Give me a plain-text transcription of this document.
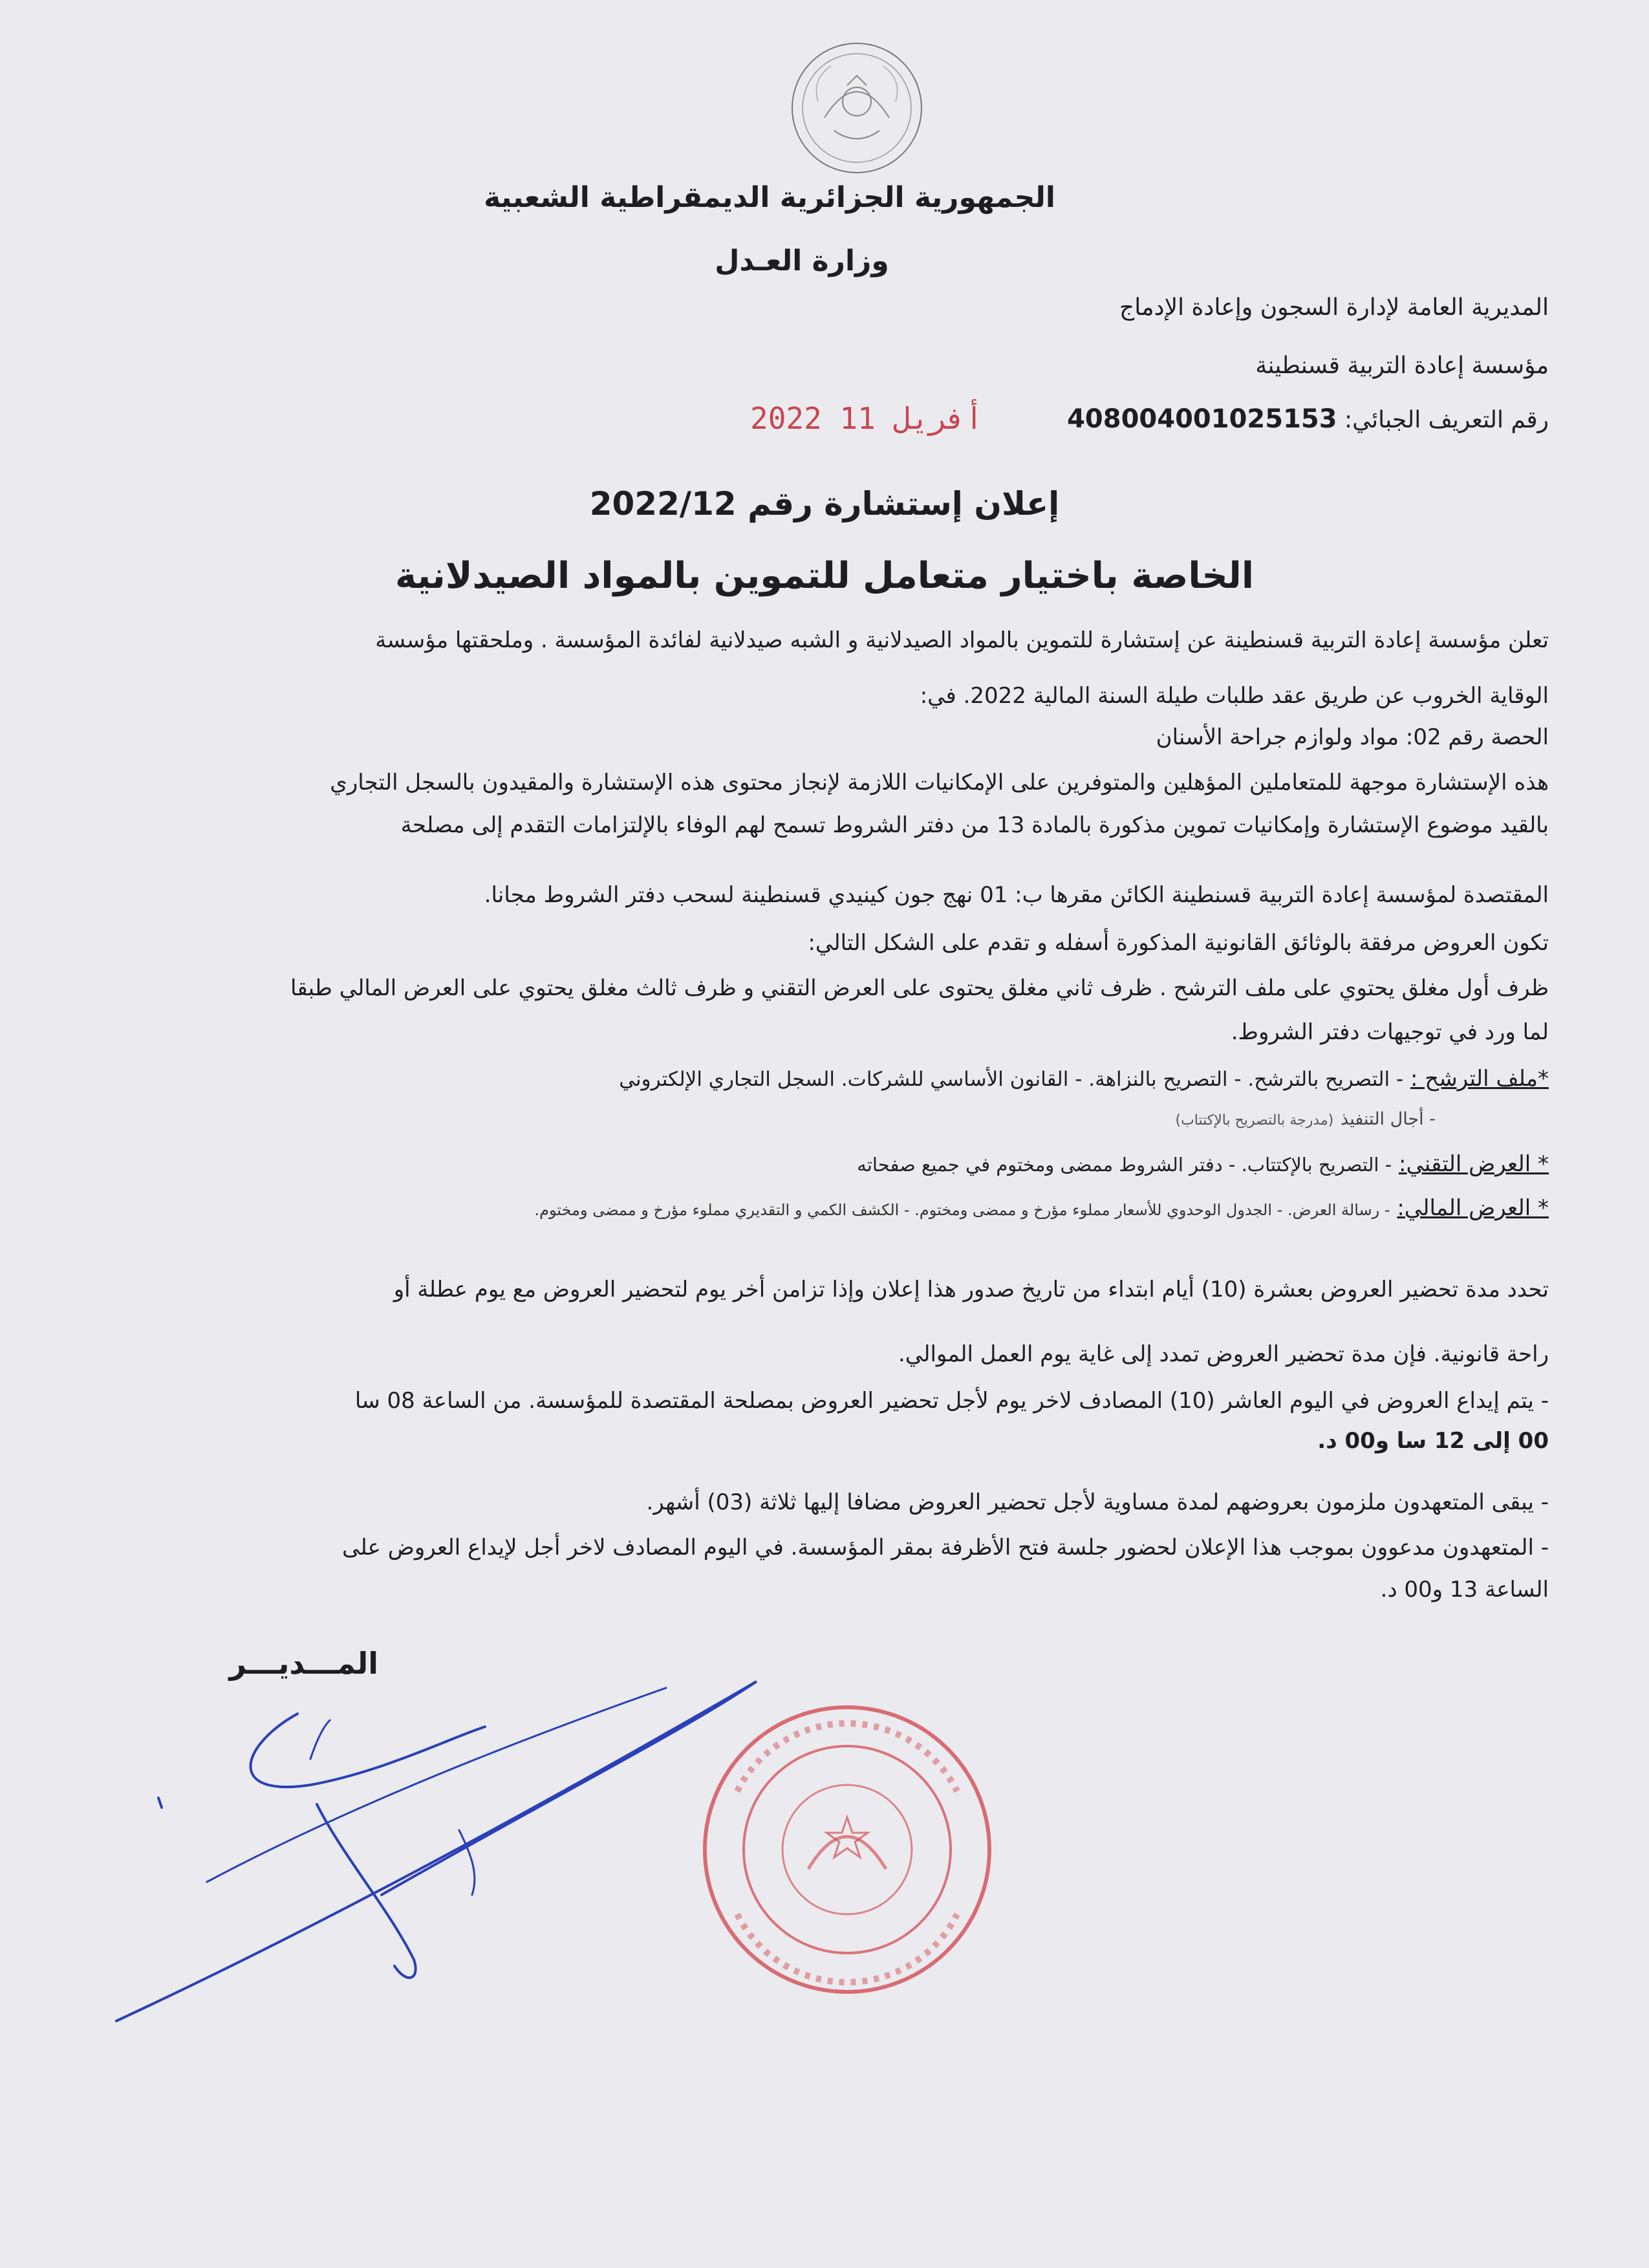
الجمهورية الجزائرية الديمقراطية الشعبية
وزارة العـدل
المديرية العامة لإدارة السجون وإعادة الإدماج
مؤسسة إعادة التربية قسنطينة
رقم التعريف الجبائي: 408004001025153
2022 أفريل 11
إعلان إستشارة رقم 2022/12
الخاصة باختيار متعامل للتموين بالمواد الصيدلانية
تعلن مؤسسة إعادة التربية قسنطينة عن إستشارة للتموين بالمواد الصيدلانية و الشبه صيدلانية لفائدة المؤسسة . وملحقتها مؤسسة
الوقاية الخروب عن طريق عقد طلبات طيلة السنة المالية 2022. في:
الحصة رقم 02: مواد ولوازم جراحة الأسنان
هذه الإستشارة موجهة للمتعاملين المؤهلين والمتوفرين على الإمكانيات اللازمة لإنجاز محتوى هذه الإستشارة والمقيدون بالسجل التجاري
بالقيد موضوع الإستشارة وإمكانيات تموين مذكورة بالمادة 13 من دفتر الشروط تسمح لهم الوفاء بالإلتزامات التقدم إلى مصلحة
المقتصدة لمؤسسة إعادة التربية قسنطينة الكائن مقرها ب: 01 نهج جون كينيدي قسنطينة لسحب دفتر الشروط مجانا.
تكون العروض مرفقة بالوثائق القانونية المذكورة أسفله و تقدم على الشكل التالي:
ظرف أول مغلق يحتوي على ملف الترشح . ظرف ثاني مغلق يحتوى على العرض التقني و ظرف ثالث مغلق يحتوي على العرض المالي طبقا
لما ورد في توجيهات دفتر الشروط.
*ملف الترشح : - التصريح بالترشح. - التصريح بالنزاهة. - القانون الأساسي للشركات. السجل التجاري الإلكتروني
- أجال التنفيذ (مدرجة بالتصريح بالإكتتاب)
* العرض التقني: - التصريح بالإكتتاب. - دفتر الشروط ممضى ومختوم في جميع صفحاته
* العرض المالي: - رسالة العرض. - الجدول الوحدوي للأسعار مملوء مؤرخ و ممضى ومختوم. - الكشف الكمي و التقديري مملوء مؤرخ و ممضى ومختوم.
تحدد مدة تحضير العروض بعشرة (10) أيام ابتداء من تاريخ صدور هذا إعلان وإذا تزامن أخر يوم لتحضير العروض مع يوم عطلة أو
راحة قانونية. فإن مدة تحضير العروض تمدد إلى غاية يوم العمل الموالي.
- يتم إيداع العروض في اليوم العاشر (10) المصادف لاخر يوم لأجل تحضير العروض بمصلحة المقتصدة للمؤسسة. من الساعة 08 سا
00 إلى 12 سا و00 د.
- يبقى المتعهدون ملزمون بعروضهم لمدة مساوية لأجل تحضير العروض مضافا إليها ثلاثة (03) أشهر.
- المتعهدون مدعوون بموجب هذا الإعلان لحضور جلسة فتح الأظرفة بمقر المؤسسة. في اليوم المصادف لاخر أجل لإيداع العروض على
الساعة 13 و00 د.
المـــديـــر
